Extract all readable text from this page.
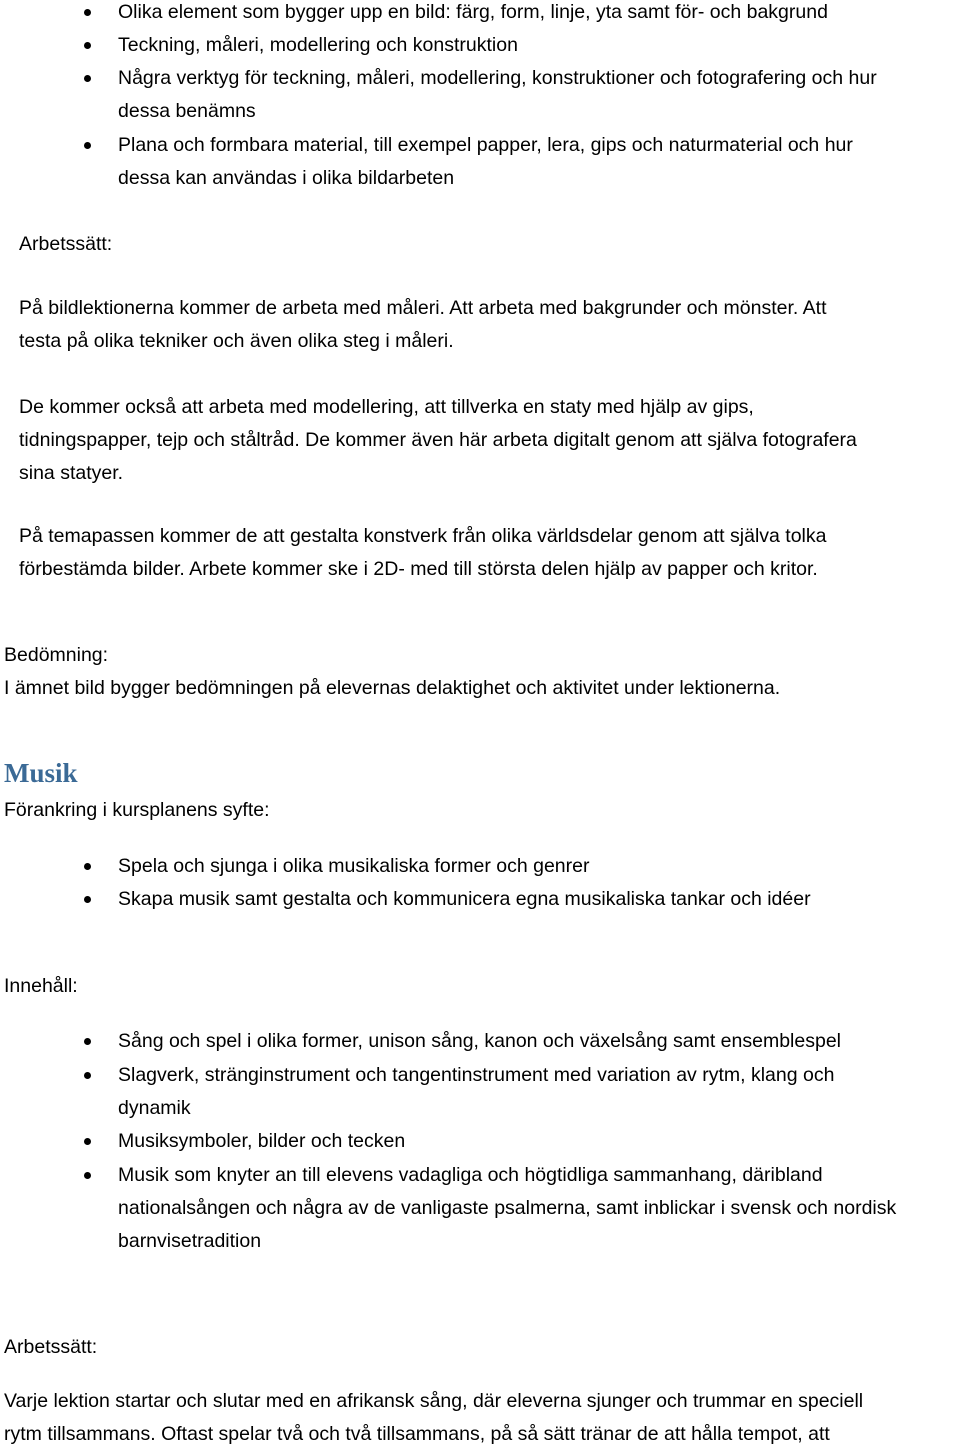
Olika element som bygger upp en bild: färg, form, linje, yta samt för- och bakgrund
Teckning, måleri, modellering och konstruktion
Några verktyg för teckning, måleri, modellering, konstruktioner och fotografering och hur
dessa benämns
Plana och formbara material, till exempel papper, lera, gips och naturmaterial och hur
dessa kan användas i olika bildarbeten
Arbetssätt:
På bildlektionerna kommer de arbeta med måleri. Att arbeta med bakgrunder och mönster. Att
testa på olika tekniker och även olika steg i måleri.
De kommer också att arbeta med modellering, att tillverka en staty med hjälp av gips,
tidningspapper, tejp och ståltråd. De kommer även här arbeta digitalt genom att själva fotografera
sina statyer.
På temapassen kommer de att gestalta konstverk från olika världsdelar genom att själva tolka
förbestämda bilder. Arbete kommer ske i 2D- med till största delen hjälp av papper och kritor.
Bedömning:
I ämnet bild bygger bedömningen på elevernas delaktighet och aktivitet under lektionerna.
Musik
Förankring i kursplanens syfte:
Spela och sjunga i olika musikaliska former och genrer
Skapa musik samt gestalta och kommunicera egna musikaliska tankar och idéer
Innehåll:
Sång och spel i olika former, unison sång, kanon och växelsång samt ensemblespel
Slagverk, stränginstrument och tangentinstrument med variation av rytm, klang och
dynamik
Musiksymboler, bilder och tecken
Musik som knyter an till elevens vadagliga och högtidliga sammanhang, däribland
nationalsången och några av de vanligaste psalmerna, samt inblickar i svensk och nordisk
barnvisetradition
Arbetssätt:
Varje lektion startar och slutar med en afrikansk sång, där eleverna sjunger och trummar en speciell
rytm tillsammans. Oftast spelar två och två tillsammans, på så sätt tränar de att hålla tempot, att
